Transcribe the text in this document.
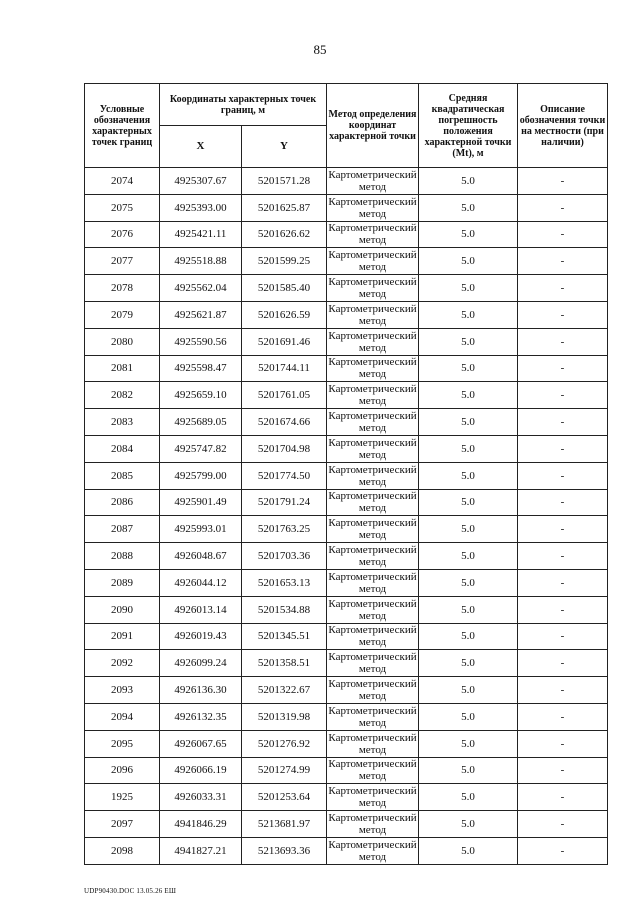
85
Условные обозначения характерных точек границ	Координаты характерных точек границ, м		Метод определения координат характерной точки	Средняя квадратическая погрешность положения характерной точки (Mt), м	Описание обозначения точки на местности (при наличии)
	X	Y			
2074	4925307.67	5201571.28	Картометрический
метод	5.0	-
2075	4925393.00	5201625.87	Картометрический
метод	5.0	-
2076	4925421.11	5201626.62	Картометрический
метод	5.0	-
2077	4925518.88	5201599.25	Картометрический
метод	5.0	-
2078	4925562.04	5201585.40	Картометрический
метод	5.0	-
2079	4925621.87	5201626.59	Картометрический
метод	5.0	-
2080	4925590.56	5201691.46	Картометрический
метод	5.0	-
2081	4925598.47	5201744.11	Картометрический
метод	5.0	-
2082	4925659.10	5201761.05	Картометрический
метод	5.0	-
2083	4925689.05	5201674.66	Картометрический
метод	5.0	-
2084	4925747.82	5201704.98	Картометрический
метод	5.0	-
2085	4925799.00	5201774.50	Картометрический
метод	5.0	-
2086	4925901.49	5201791.24	Картометрический
метод	5.0	-
2087	4925993.01	5201763.25	Картометрический
метод	5.0	-
2088	4926048.67	5201703.36	Картометрический
метод	5.0	-
2089	4926044.12	5201653.13	Картометрический
метод	5.0	-
2090	4926013.14	5201534.88	Картометрический
метод	5.0	-
2091	4926019.43	5201345.51	Картометрический
метод	5.0	-
2092	4926099.24	5201358.51	Картометрический
метод	5.0	-
2093	4926136.30	5201322.67	Картометрический
метод	5.0	-
2094	4926132.35	5201319.98	Картометрический
метод	5.0	-
2095	4926067.65	5201276.92	Картометрический
метод	5.0	-
2096	4926066.19	5201274.99	Картометрический
метод	5.0	-
1925	4926033.31	5201253.64	Картометрический
метод	5.0	-
2097	4941846.29	5213681.97	Картометрический
метод	5.0	-
2098	4941827.21	5213693.36	Картометрический
метод	5.0	-
UDP90430.DOC 13.05.26 ЕШ
